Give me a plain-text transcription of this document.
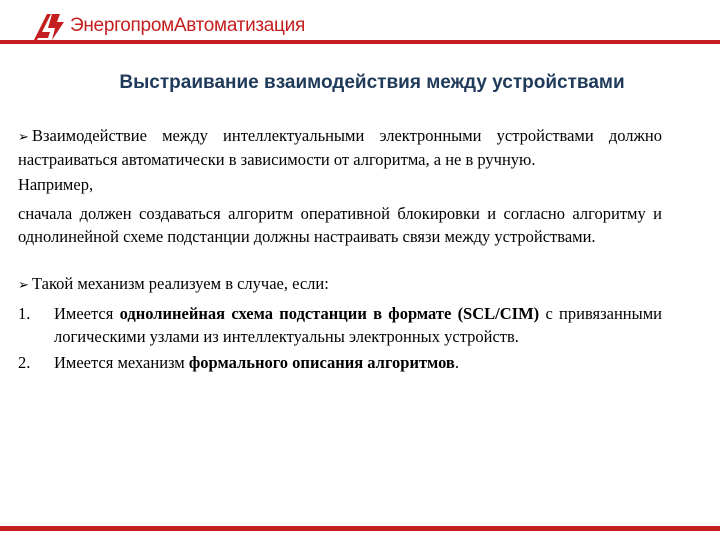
ЭнергопромАвтоматизация
Выстраивание взаимодействия между устройствами

➢ Взаимодействие между интеллектуальными электронными устройствами должно настраиваться автоматически в зависимости от алгоритма, а не в ручную.

Например,

сначала должен создаваться алгоритм оперативной блокировки и согласно алгоритму и однолинейной схеме подстанции должны настраивать связи между устройствами.

➢ Такой механизм реализуем в случае, если:

1.	Имеется однолинейная схема подстанции в формате (SCL/CIM) с привязанными логическими узлами из интеллектуальны электронных устройств.
2.	Имеется механизм формального описания алгоритмов.
